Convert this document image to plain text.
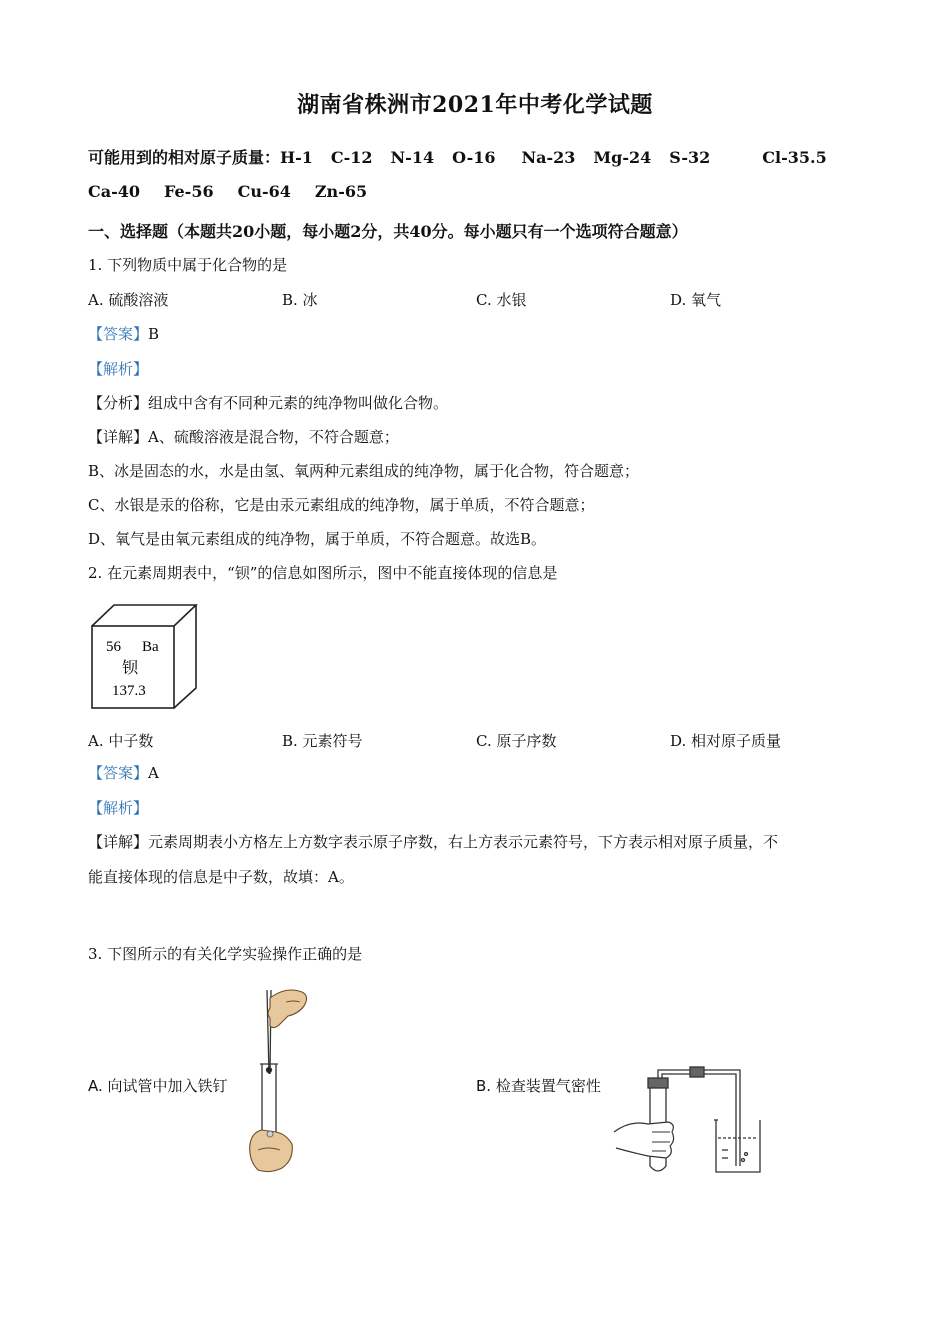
湖南省株洲市2021年中考化学试题
可能用到的相对原子质量：H-1 C-12 N-14 O-16 Na-23 Mg-24 S-32	Cl-35.5
Ca-40 Fe-56 Cu-64 Zn-65
一、选择题（本题共20小题，每小题2分，共40分。每小题只有一个选项符合题意）
1. 下列物质中属于化合物的是
A. 硫酸溶液	B. 冰	C. 水银	D. 氧气
【答案】B
【解析】
【分析】组成中含有不同种元素的纯净物叫做化合物。
【详解】A、硫酸溶液是混合物，不符合题意；
B、冰是固态的水，水是由氢、氧两种元素组成的纯净物，属于化合物，符合题意；
C、水银是汞的俗称，它是由汞元素组成的纯净物，属于单质，不符合题意；
D、氧气是由氧元素组成的纯净物，属于单质，不符合题意。故选B。
2. 在元素周期表中，“钡”的信息如图所示，图中不能直接体现的信息是
56 Ba
钡
137.3
A. 中子数	B. 元素符号	C. 原子序数	D. 相对原子质量
【答案】A
【解析】
【详解】元素周期表小方格左上方数字表示原子序数，右上方表示元素符号，下方表示相对原子质量，不
能直接体现的信息是中子数，故填：A。
3. 下图所示的有关化学实验操作正确的是
A. 向试管中加入铁钉	B. 检查装置气密性
